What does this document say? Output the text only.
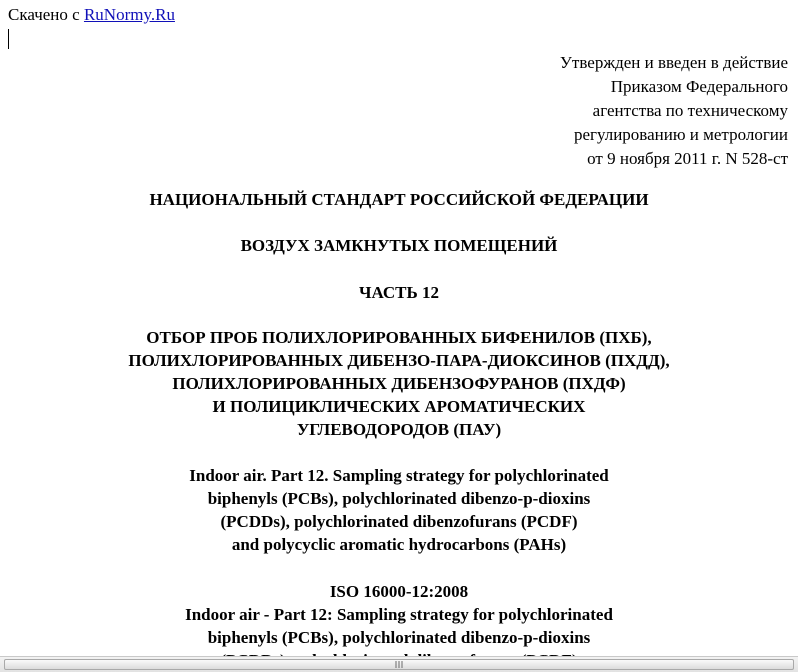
Скачено с RuNormy.Ru
Утвержден и введен в действие
Приказом Федерального
агентства по техническому
регулированию и метрологии
от 9 ноября 2011 г. N 528-ст
НАЦИОНАЛЬНЫЙ СТАНДАРТ РОССИЙСКОЙ ФЕДЕРАЦИИ
ВОЗДУХ ЗАМКНУТЫХ ПОМЕЩЕНИЙ
ЧАСТЬ 12
ОТБОР ПРОБ ПОЛИХЛОРИРОВАННЫХ БИФЕНИЛОВ (ПХБ),
ПОЛИХЛОРИРОВАННЫХ ДИБЕНЗО-ПАРА-ДИОКСИНОВ (ПХДД),
ПОЛИХЛОРИРОВАННЫХ ДИБЕНЗОФУРАНОВ (ПХДФ)
И ПОЛИЦИКЛИЧЕСКИХ АРОМАТИЧЕСКИХ
УГЛЕВОДОРОДОВ (ПАУ)
Indoor air. Part 12. Sampling strategy for polychlorinated
biphenyls (PCBs), polychlorinated dibenzo-p-dioxins
(PCDDs), polychlorinated dibenzofurans (PCDF)
and polycyclic aromatic hydrocarbons (PAHs)
ISO 16000-12:2008
Indoor air - Part 12: Sampling strategy for polychlorinated
biphenyls (PCBs), polychlorinated dibenzo-p-dioxins
